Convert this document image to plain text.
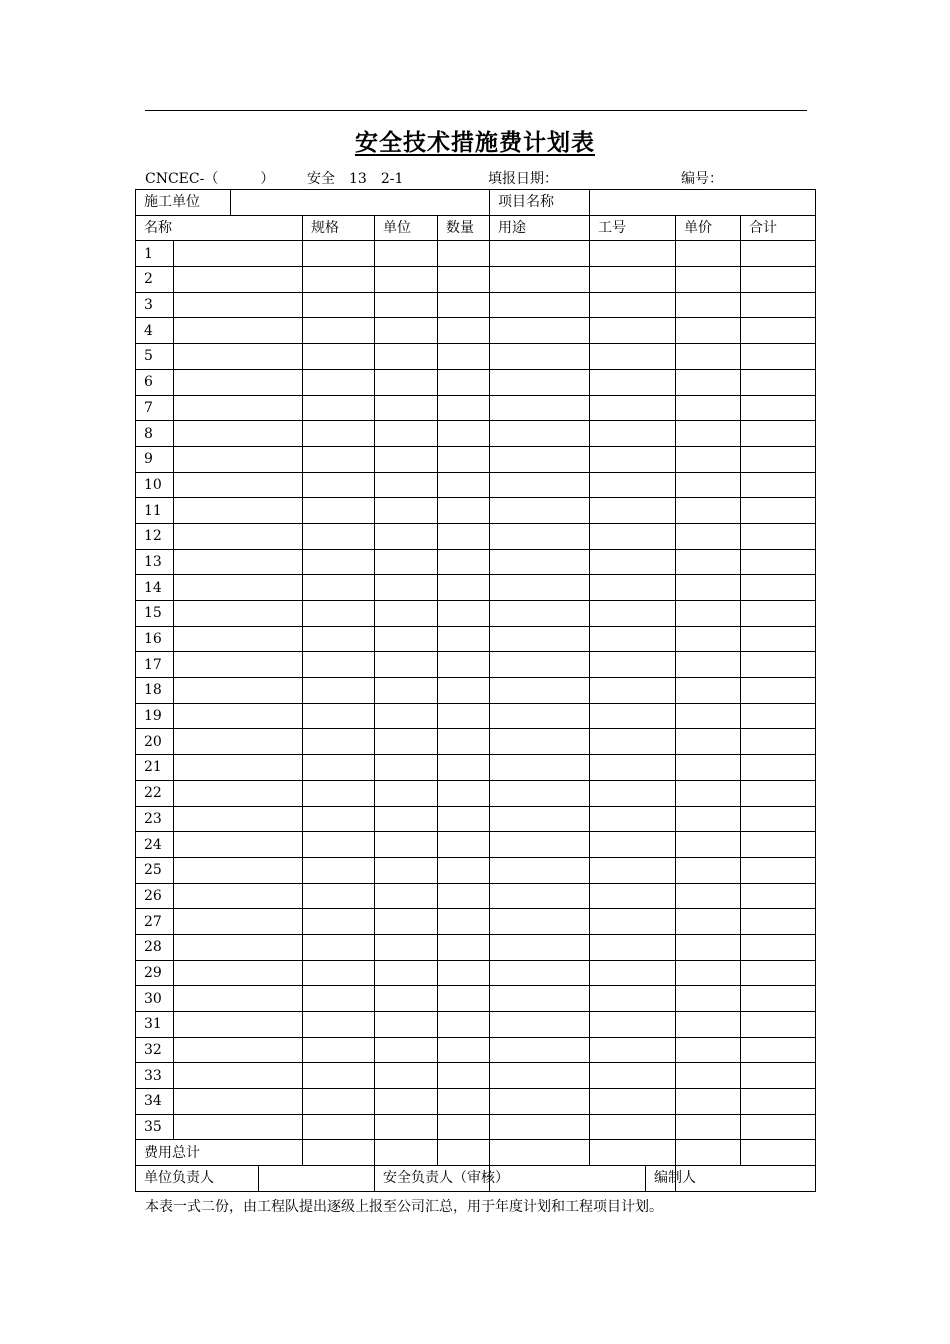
安全技术措施费计划表
CNCEC-（　　　） 安全　13　2-1	填报日期：	编号：
施工单位							项目名称				
名称				规格	单位	数量	用途	工号		单价	合计
1											
2											
3											
4											
5											
6											
7											
8											
9											
10											
11											
12											
13											
14											
15											
16											
17											
18											
19											
20											
21											
22											
23											
24											
25											
26											
27											
28											
29											
30											
31											
32											
33											
34											
35											
费用总计											
单位负责人					安全负责人（审核）				编制人		
本表一式二份，由工程队提出逐级上报至公司汇总，用于年度计划和工程项目计划。
